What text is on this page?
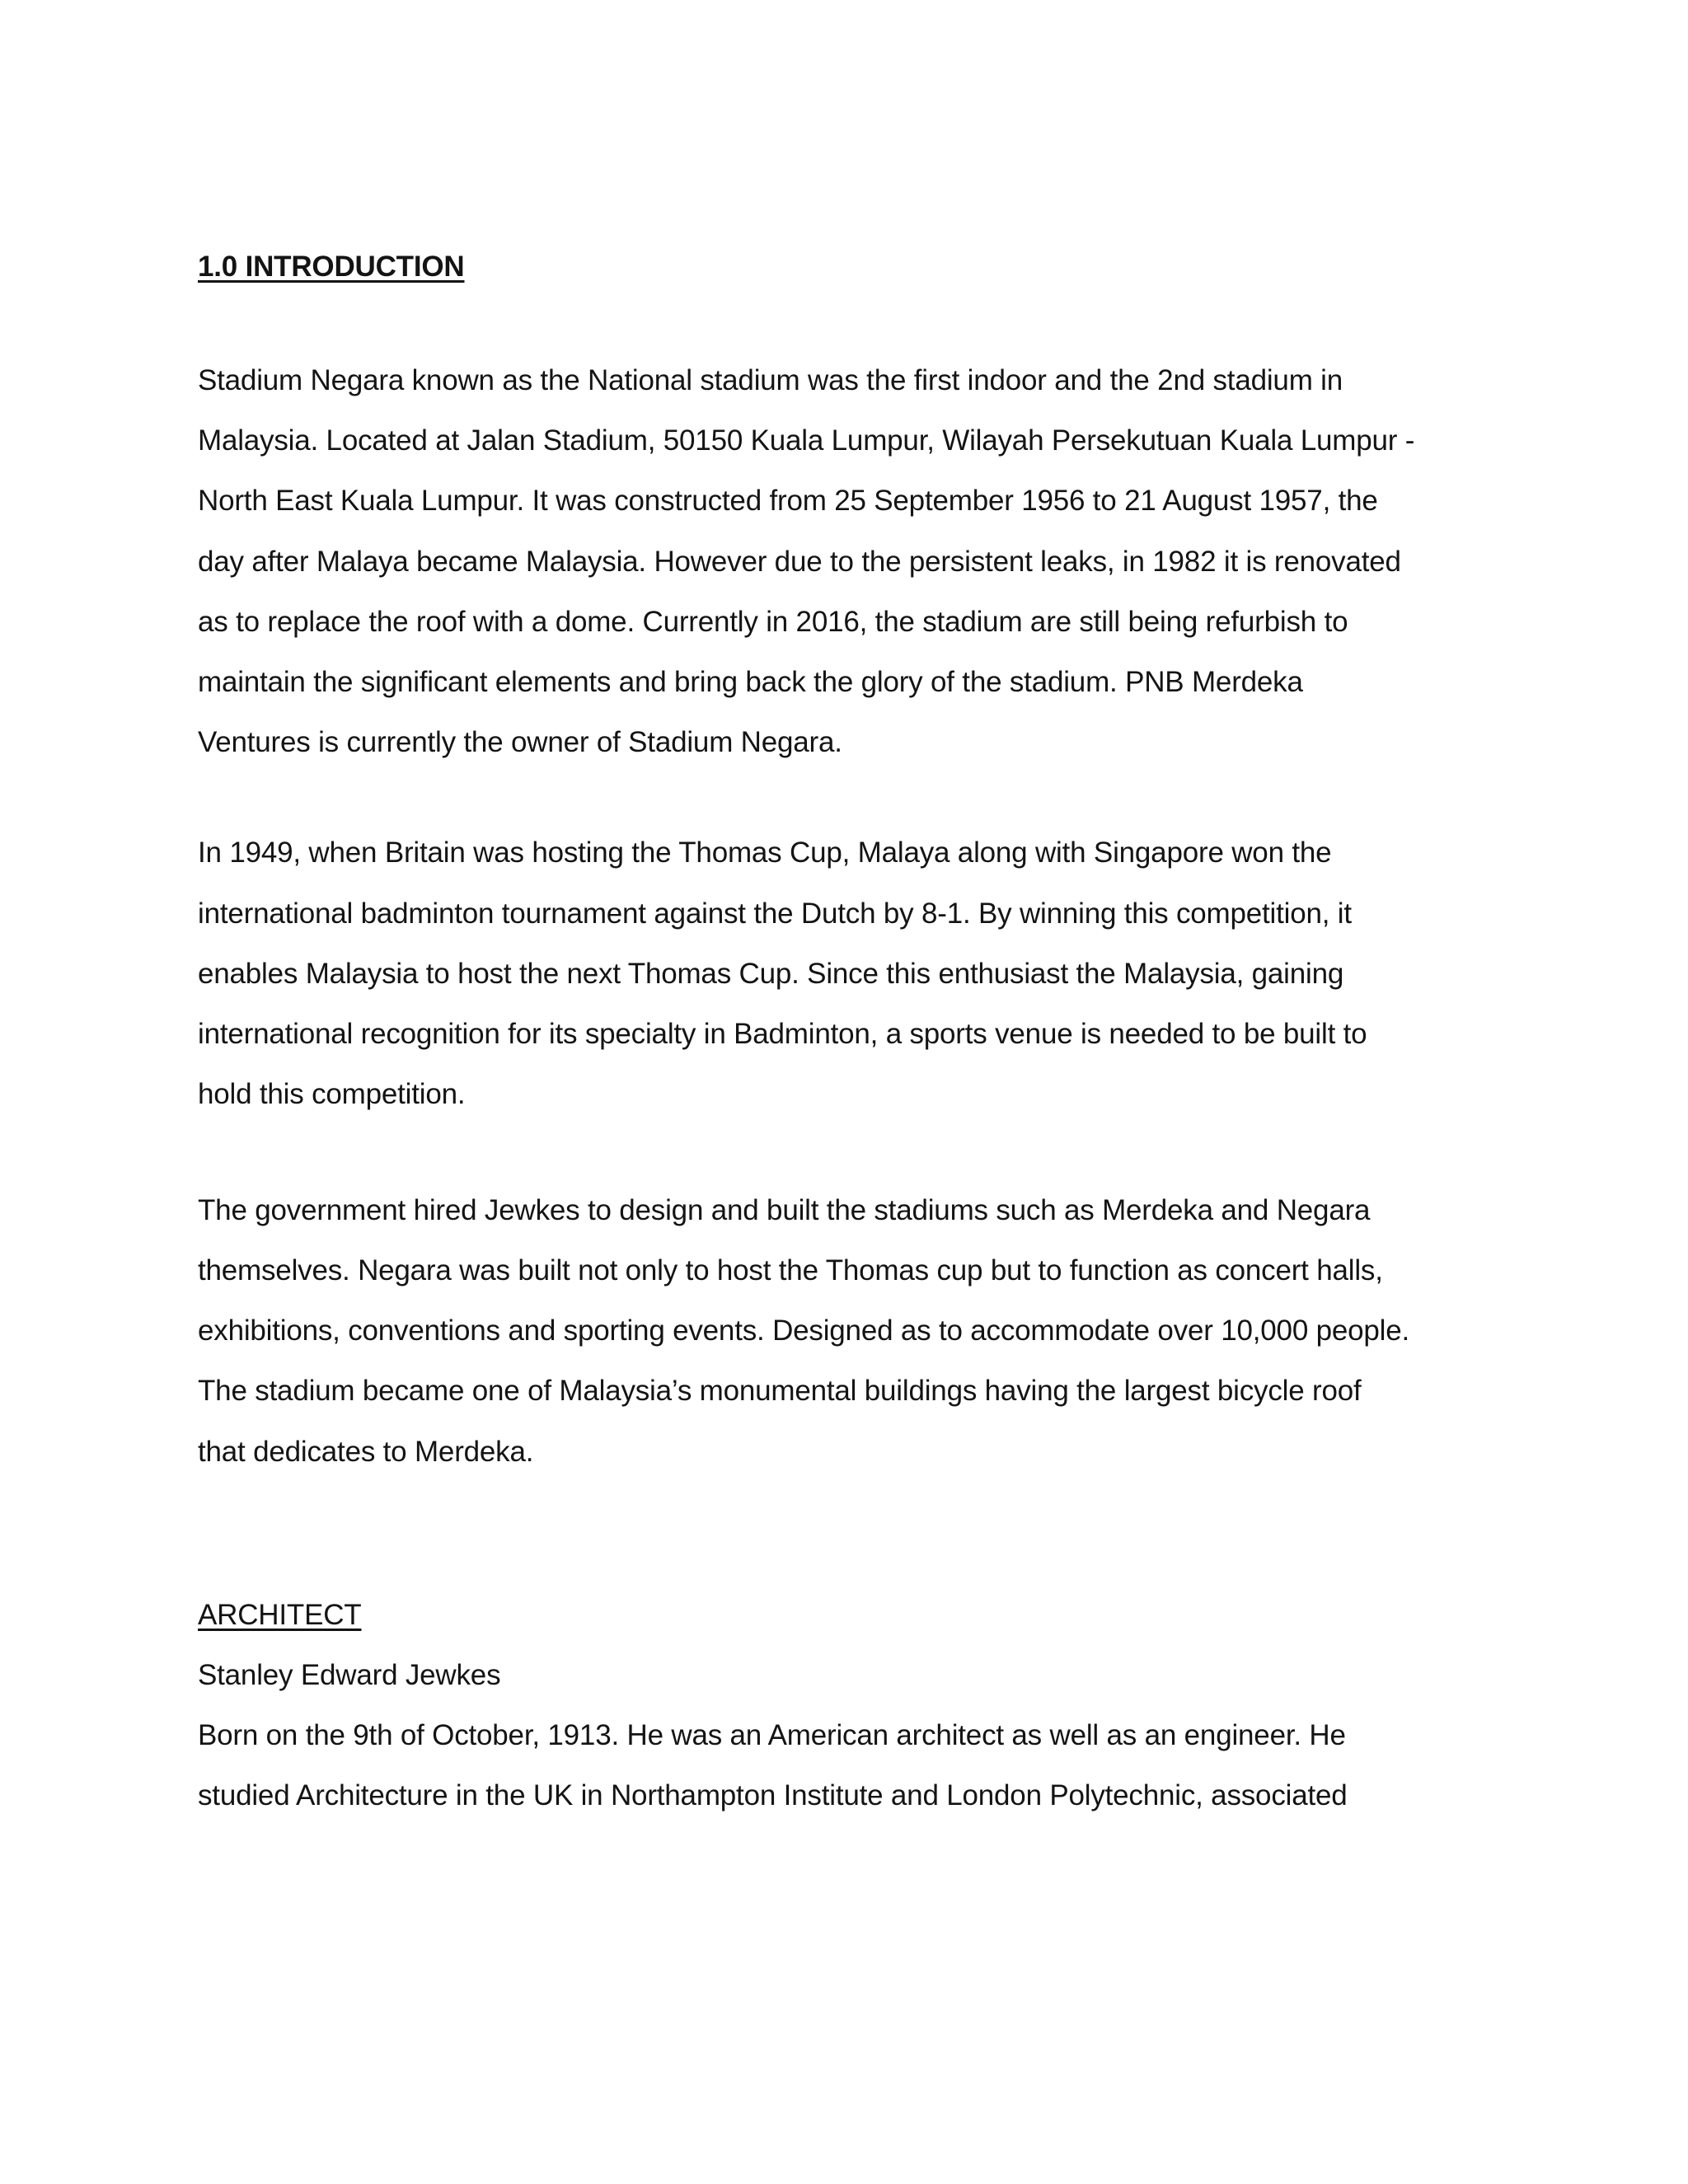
1.0 INTRODUCTION
Stadium Negara known as the National stadium was the first indoor and the 2nd stadium in
Malaysia. Located at Jalan Stadium, 50150 Kuala Lumpur, Wilayah Persekutuan Kuala Lumpur -
North East Kuala Lumpur. It was constructed from 25 September 1956 to 21 August 1957, the
day after Malaya became Malaysia. However due to the persistent leaks, in 1982 it is renovated
as to replace the roof with a dome. Currently in 2016, the stadium are still being refurbish to
maintain the significant elements and bring back the glory of the stadium. PNB Merdeka
Ventures is currently the owner of Stadium Negara.
In 1949, when Britain was hosting the Thomas Cup, Malaya along with Singapore won the
international badminton tournament against the Dutch by 8-1. By winning this competition, it
enables Malaysia to host the next Thomas Cup. Since this enthusiast the Malaysia, gaining
international recognition for its specialty in Badminton, a sports venue is needed to be built to
hold this competition.
The government hired Jewkes to design and built the stadiums such as Merdeka and Negara
themselves. Negara was built not only to host the Thomas cup but to function as concert halls,
exhibitions, conventions and sporting events. Designed as to accommodate over 10,000 people.
The stadium became one of Malaysia’s monumental buildings having the largest bicycle roof
that dedicates to Merdeka.
ARCHITECT
Stanley Edward Jewkes
Born on the 9th of October, 1913. He was an American architect as well as an engineer. He
studied Architecture in the UK in Northampton Institute and London Polytechnic, associated
